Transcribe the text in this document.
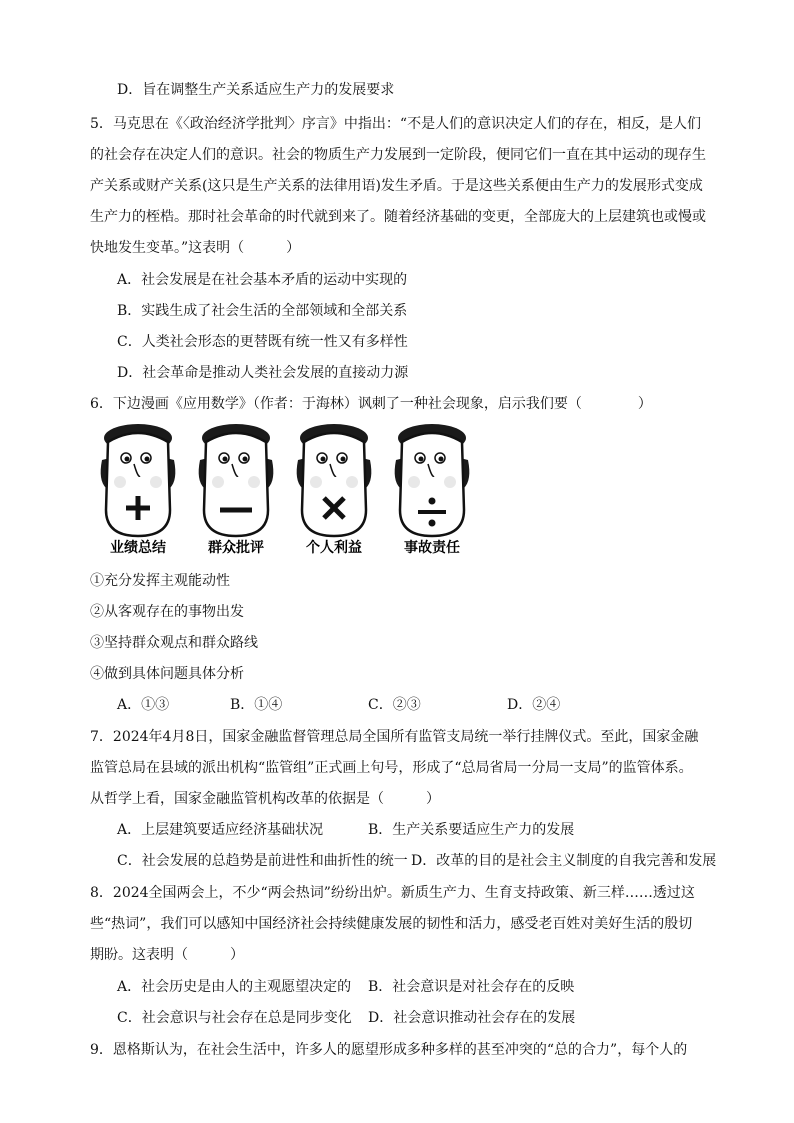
D．旨在调整生产关系适应生产力的发展要求
5．马克思在《〈政治经济学批判〉序言》中指出：“不是人们的意识决定人们的存在，相反，是人们
的社会存在决定人们的意识。社会的物质生产力发展到一定阶段，便同它们一直在其中运动的现存生
产关系或财产关系(这只是生产关系的法律用语)发生矛盾。于是这些关系便由生产力的发展形式变成
生产力的桎梏。那时社会革命的时代就到来了。随着经济基础的变更，全部庞大的上层建筑也或慢或
快地发生变革。”这表明（　　　）
A．社会发展是在社会基本矛盾的运动中实现的
B．实践生成了社会生活的全部领域和全部关系
C．人类社会形态的更替既有统一性又有多样性
D．社会革命是推动人类社会发展的直接动力源
6．下边漫画《应用数学》（作者：于海林）讽刺了一种社会现象，启示我们要（　　　　）
业绩总结	群众批评	个人利益	事故责任
①充分发挥主观能动性
②从客观存在的事物出发
③坚持群众观点和群众路线
④做到具体问题具体分析
A．①③	B．①④	C．②③	D．②④
7．2024年4月8日，国家金融监督管理总局全国所有监管支局统一举行挂牌仪式。至此，国家金融
监管总局在县域的派出机构“监管组”正式画上句号，形成了“总局省局一分局一支局”的监管体系。
从哲学上看，国家金融监管机构改革的依据是（　　　）
A．上层建筑要适应经济基础状况	B．生产关系要适应生产力的发展
C．社会发展的总趋势是前进性和曲折性的统一 D．改革的目的是社会主义制度的自我完善和发展
8．2024全国两会上，不少“两会热词”纷纷出炉。新质生产力、生育支持政策、新三样……透过这
些“热词”，我们可以感知中国经济社会持续健康发展的韧性和活力，感受老百姓对美好生活的殷切
期盼。这表明（　　　）
A．社会历史是由人的主观愿望决定的 B．社会意识是对社会存在的反映
C．社会意识与社会存在总是同步变化 D．社会意识推动社会存在的发展
9．恩格斯认为，在社会生活中，许多人的愿望形成多种多样的甚至冲突的“总的合力”，每个人的
